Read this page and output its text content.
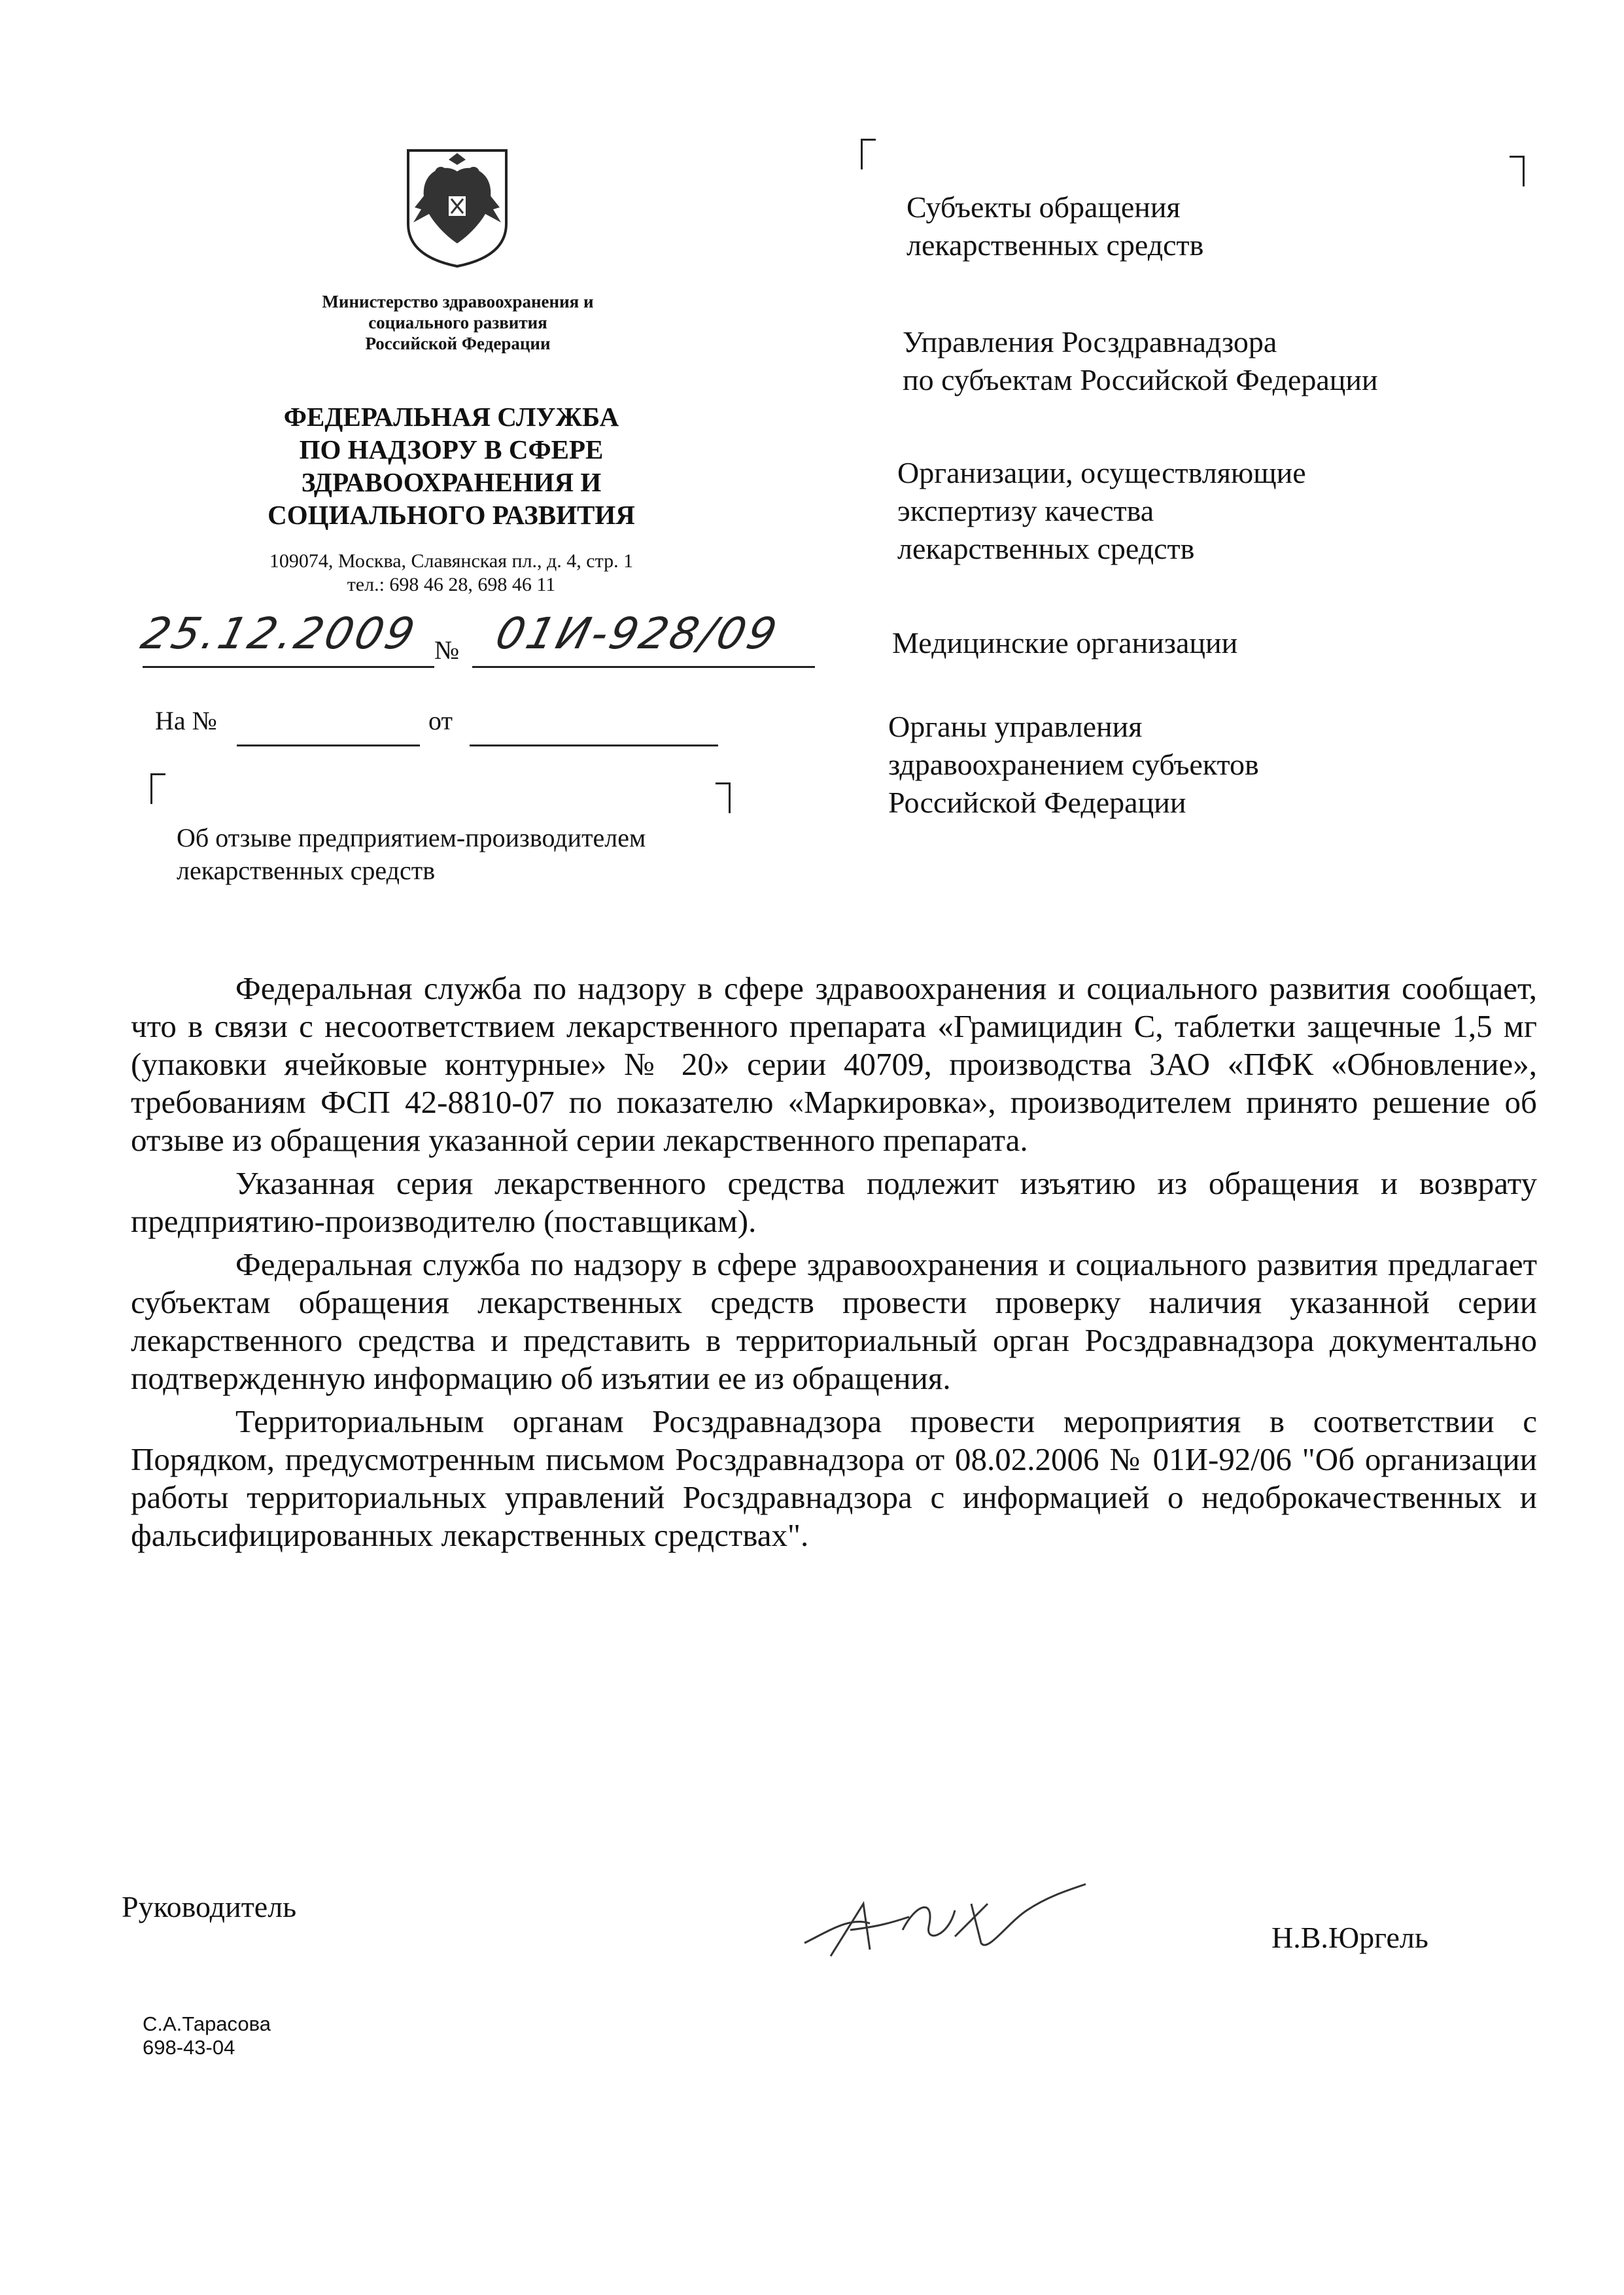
Министерство здравоохранения и
социального развития
Российской Федерации
ФЕДЕРАЛЬНАЯ СЛУЖБА
ПО НАДЗОРУ В СФЕРЕ
ЗДРАВООХРАНЕНИЯ И
СОЦИАЛЬНОГО РАЗВИТИЯ
109074, Москва, Славянская пл., д. 4, стр. 1
тел.: 698 46 28, 698 46 11
25.12.2009 № 01И-928/09
На №	от
Об отзыве предприятием-производителем
лекарственных средств
Субъекты обращения
лекарственных средств
Управления Росздравнадзора
по субъектам Российской Федерации
Организации, осуществляющие
экспертизу качества
лекарственных средств
Медицинские организации
Органы управления
здравоохранением субъектов
Российской Федерации

Федеральная служба по надзору в сфере здравоохранения и социального развития сообщает, что в связи с несоответствием лекарственного препарата «Грамицидин С, таблетки защечные 1,5 мг (упаковки ячейковые контурные» № 20» серии 40709, производства ЗАО «ПФК «Обновление», требованиям ФСП 42-8810-07 по показателю «Маркировка», производителем принято решение об отзыве из обращения указанной серии лекарственного препарата.

Указанная серия лекарственного средства подлежит изъятию из обращения и возврату предприятию-производителю (поставщикам).

Федеральная служба по надзору в сфере здравоохранения и социального развития предлагает субъектам обращения лекарственных средств провести проверку наличия указанной серии лекарственного средства и представить в территориальный орган Росздравнадзора документально подтвержденную информацию об изъятии ее из обращения.

Территориальным органам Росздравнадзора провести мероприятия в соответствии с Порядком, предусмотренным письмом Росздравнадзора от 08.02.2006 № 01И-92/06 "Об организации работы территориальных управлений Росздравнадзора с информацией о недоброкачественных и фальсифицированных лекарственных средствах".

Руководитель
Н.В.Юргель
С.А.Тарасова
698-43-04
